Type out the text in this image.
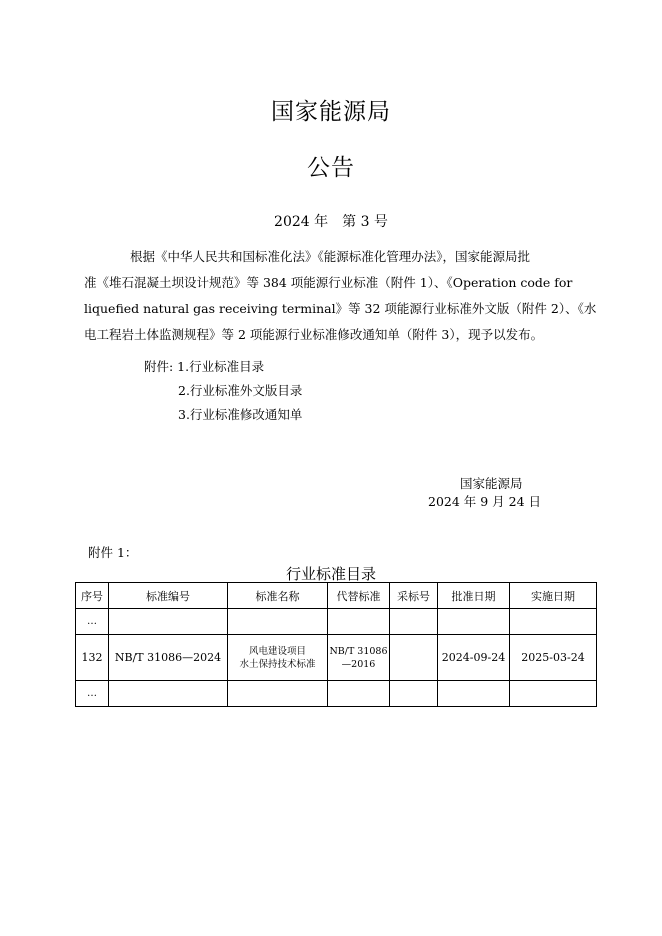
国家能源局
公告
2024 年　第 3 号
根据《中华人民共和国标准化法》《能源标准化管理办法》，国家能源局批
准《堆石混凝土坝设计规范》等 384 项能源行业标准（附件 1）、《Operation code for
liquefied natural gas receiving terminal》等 32 项能源行业标准外文版（附件 2）、《水
电工程岩土体监测规程》等 2 项能源行业标准修改通知单（附件 3），现予以发布。
附件: 1.行业标准目录
2.行业标准外文版目录
3.行业标准修改通知单
国家能源局
2024 年 9 月 24 日
附件 1：
行业标准目录
序号	标准编号	标准名称	代替标准	采标号	批准日期	实施日期
…						
132	NB/T 31086—2024	风电建设项目
水土保持技术标准	NB/T 31086
—2016		2024-09-24	2025-03-24
…						
